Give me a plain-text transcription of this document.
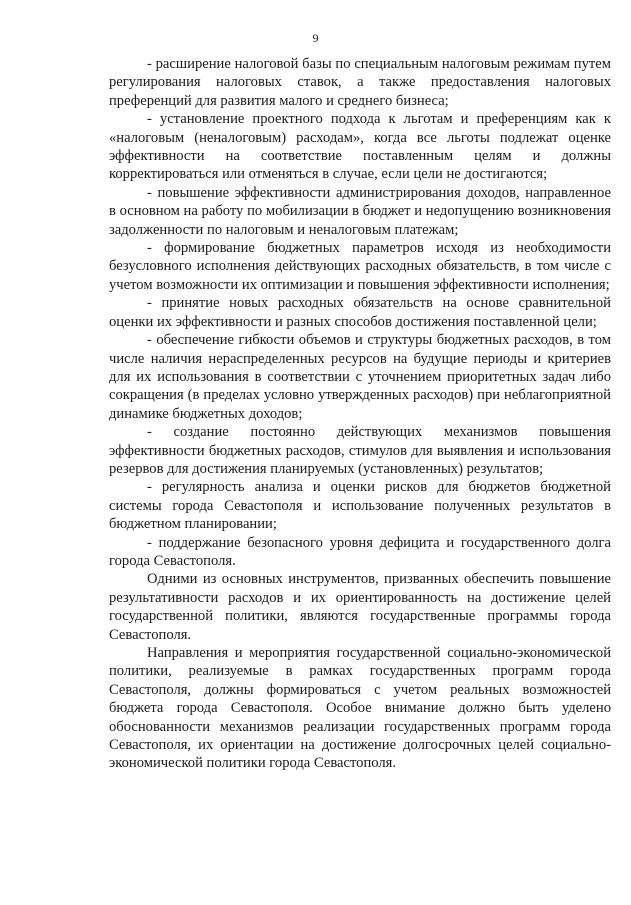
9

- расширение налоговой базы по специальным налоговым режимам путем регулирования налоговых ставок, а также предоставления налоговых преференций для развития малого и среднего бизнеса;

- установление проектного подхода к льготам и преференциям как к «налоговым (неналоговым) расходам», когда все льготы подлежат оценке эффективности на соответствие поставленным целям и должны корректироваться или отменяться в случае, если цели не достигаются;

- повышение эффективности администрирования доходов, направленное в основном на работу по мобилизации в бюджет и недопущению возникновения задолженности по налоговым и неналоговым платежам;

- формирование бюджетных параметров исходя из необходимости безусловного исполнения действующих расходных обязательств, в том числе с учетом возможности их оптимизации и повышения эффективности исполнения;

- принятие новых расходных обязательств на основе сравнительной оценки их эффективности и разных способов достижения поставленной цели;

- обеспечение гибкости объемов и структуры бюджетных расходов, в том числе наличия нераспределенных ресурсов на будущие периоды и критериев для их использования в соответствии с уточнением приоритетных задач либо сокращения (в пределах условно утвержденных расходов) при неблагоприятной динамике бюджетных доходов;

- создание постоянно действующих механизмов повышения эффективности бюджетных расходов, стимулов для выявления и использования резервов для достижения планируемых (установленных) результатов;

- регулярность анализа и оценки рисков для бюджетов бюджетной системы города Севастополя и использование полученных результатов в бюджетном планировании;

- поддержание безопасного уровня дефицита и государственного долга города Севастополя.

Одними из основных инструментов, призванных обеспечить повышение результативности расходов и их ориентированность на достижение целей государственной политики, являются государственные программы города Севастополя.

Направления и мероприятия государственной социально-экономической политики, реализуемые в рамках государственных программ города Севастополя, должны формироваться с учетом реальных возможностей бюджета города Севастополя. Особое внимание должно быть уделено обоснованности механизмов реализации государственных программ города Севастополя, их ориентации на достижение долгосрочных целей социально-экономической политики города Севастополя.
